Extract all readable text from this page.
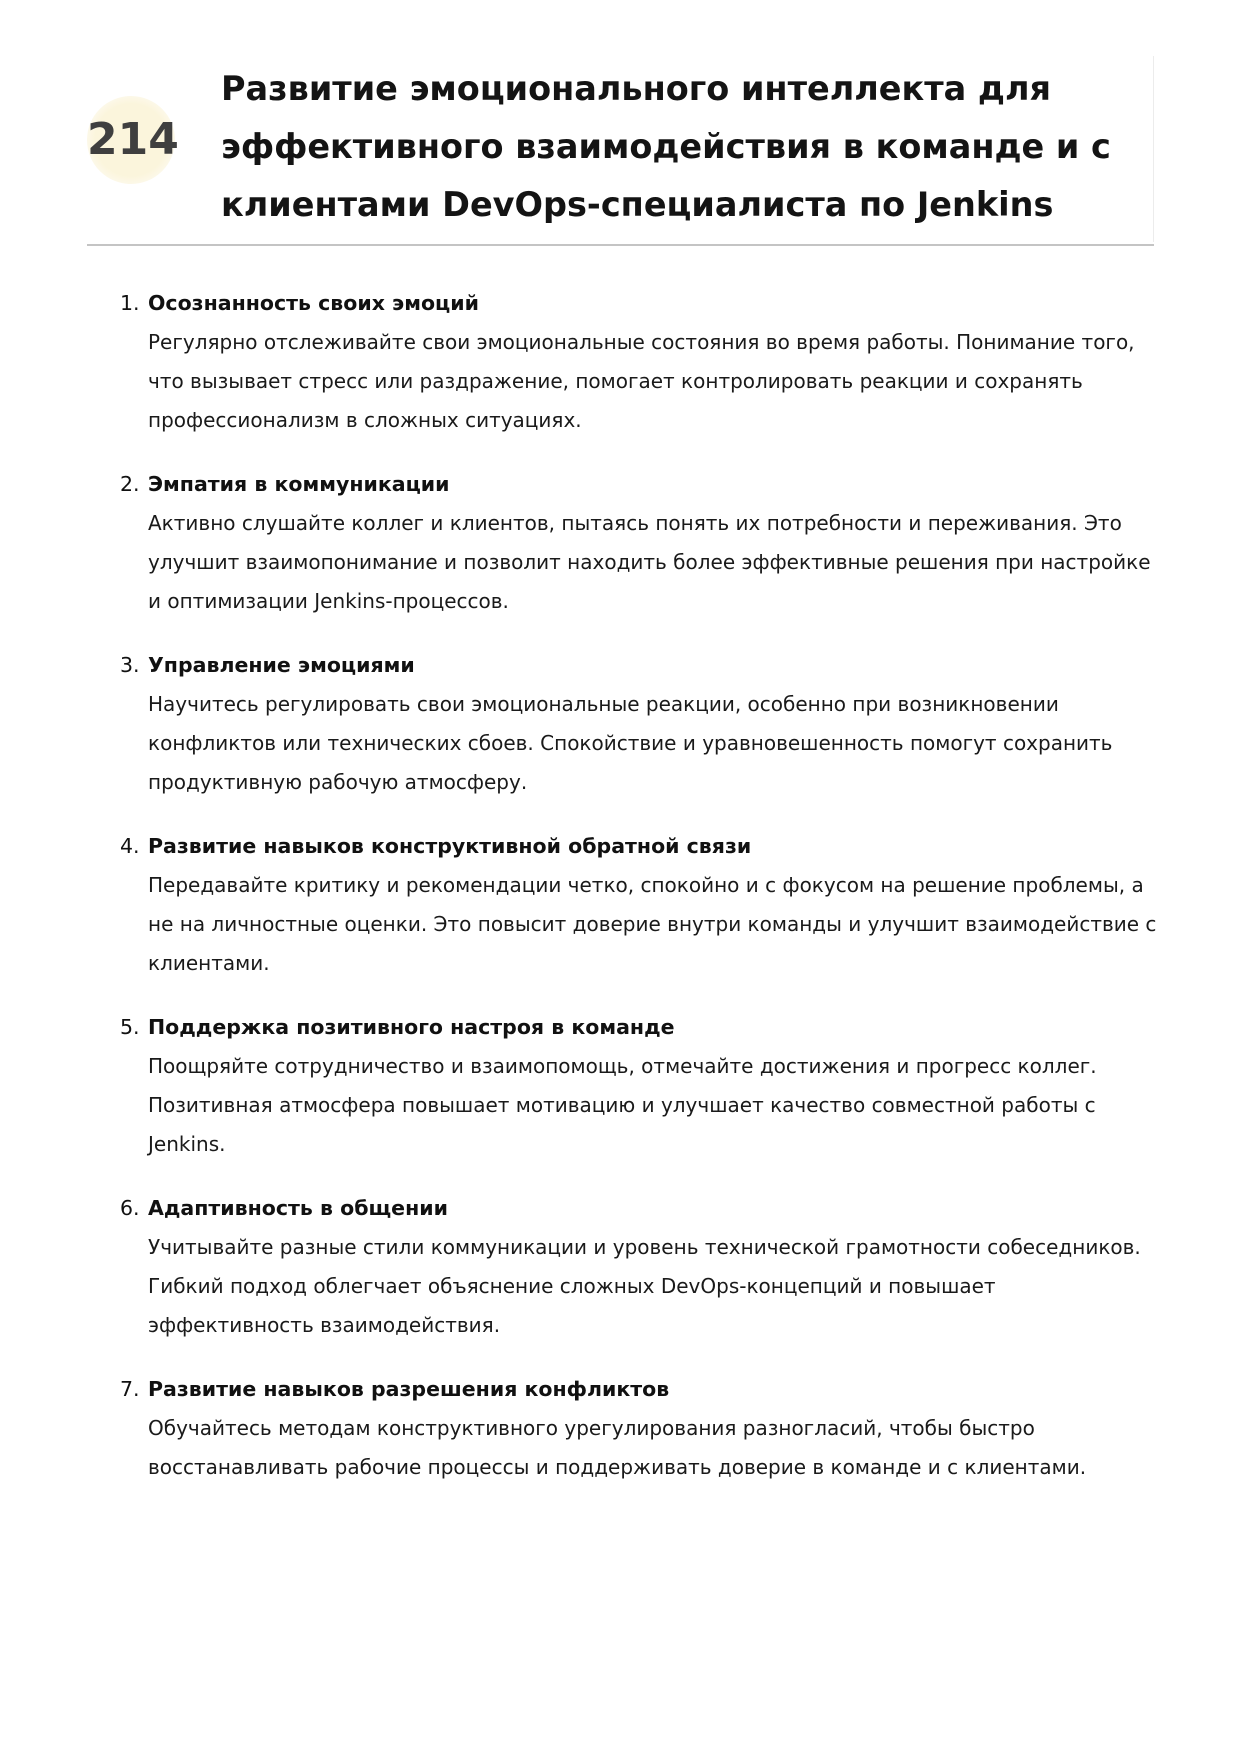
214
Развитие эмоционального интеллекта для эффективного взаимодействия в команде и с клиентами DevOps-специалиста по Jenkins
1. Осознанность своих эмоций
Регулярно отслеживайте свои эмоциональные состояния во время работы. Понимание того, что вызывает стресс или раздражение, помогает контролировать реакции и сохранять профессионализм в сложных ситуациях.
2. Эмпатия в коммуникации
Активно слушайте коллег и клиентов, пытаясь понять их потребности и переживания. Это улучшит взаимопонимание и позволит находить более эффективные решения при настройке и оптимизации Jenkins-процессов.
3. Управление эмоциями
Научитесь регулировать свои эмоциональные реакции, особенно при возникновении конфликтов или технических сбоев. Спокойствие и уравновешенность помогут сохранить продуктивную рабочую атмосферу.
4. Развитие навыков конструктивной обратной связи
Передавайте критику и рекомендации четко, спокойно и с фокусом на решение проблемы, а не на личностные оценки. Это повысит доверие внутри команды и улучшит взаимодействие с клиентами.
5. Поддержка позитивного настроя в команде
Поощряйте сотрудничество и взаимопомощь, отмечайте достижения и прогресс коллег. Позитивная атмосфера повышает мотивацию и улучшает качество совместной работы с Jenkins.
6. Адаптивность в общении
Учитывайте разные стили коммуникации и уровень технической грамотности собеседников. Гибкий подход облегчает объяснение сложных DevOps-концепций и повышает эффективность взаимодействия.
7. Развитие навыков разрешения конфликтов
Обучайтесь методам конструктивного урегулирования разногласий, чтобы быстро восстанавливать рабочие процессы и поддерживать доверие в команде и с клиентами.
